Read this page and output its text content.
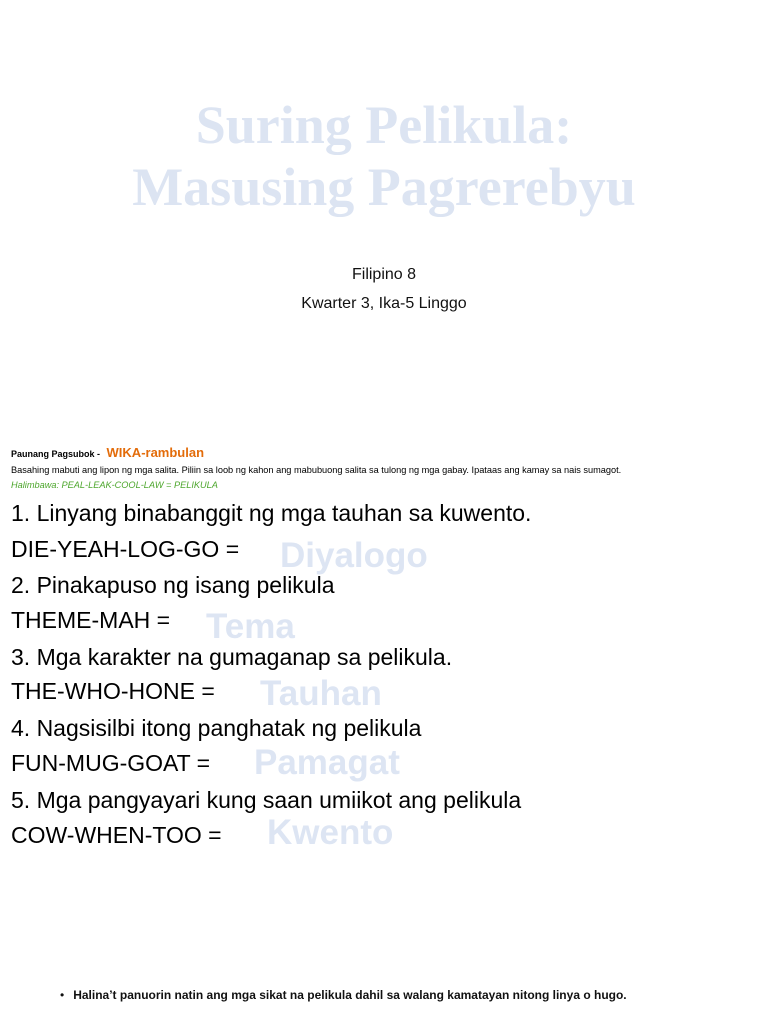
Suring Pelikula:
Masusing Pagrerebyu
Filipino 8
Kwarter 3, Ika-5 Linggo
Paunang Pagsubok - WIKA-rambulan
Basahing mabuti ang lipon ng mga salita. Piliin sa loob ng kahon ang mabubuong salita sa tulong ng mga gabay. Ipataas ang kamay sa nais sumagot.
Halimbawa: PEAL-LEAK-COOL-LAW = PELIKULA
1. Linyang binabanggit ng mga tauhan sa kuwento.
DIE-YEAH-LOG-GO = Diyalogo
2. Pinakapuso ng isang pelikula
THEME-MAH = Tema
3. Mga karakter na gumaganap sa pelikula.
THE-WHO-HONE = Tauhan
4. Nagsisilbi itong panghatak ng pelikula
FUN-MUG-GOAT = Pamagat
5. Mga pangyayari kung saan umiikot ang pelikula
COW-WHEN-TOO = Kwento
• Halina’t panuorin natin ang mga sikat na pelikula dahil sa walang kamatayan nitong linya o hugo.
